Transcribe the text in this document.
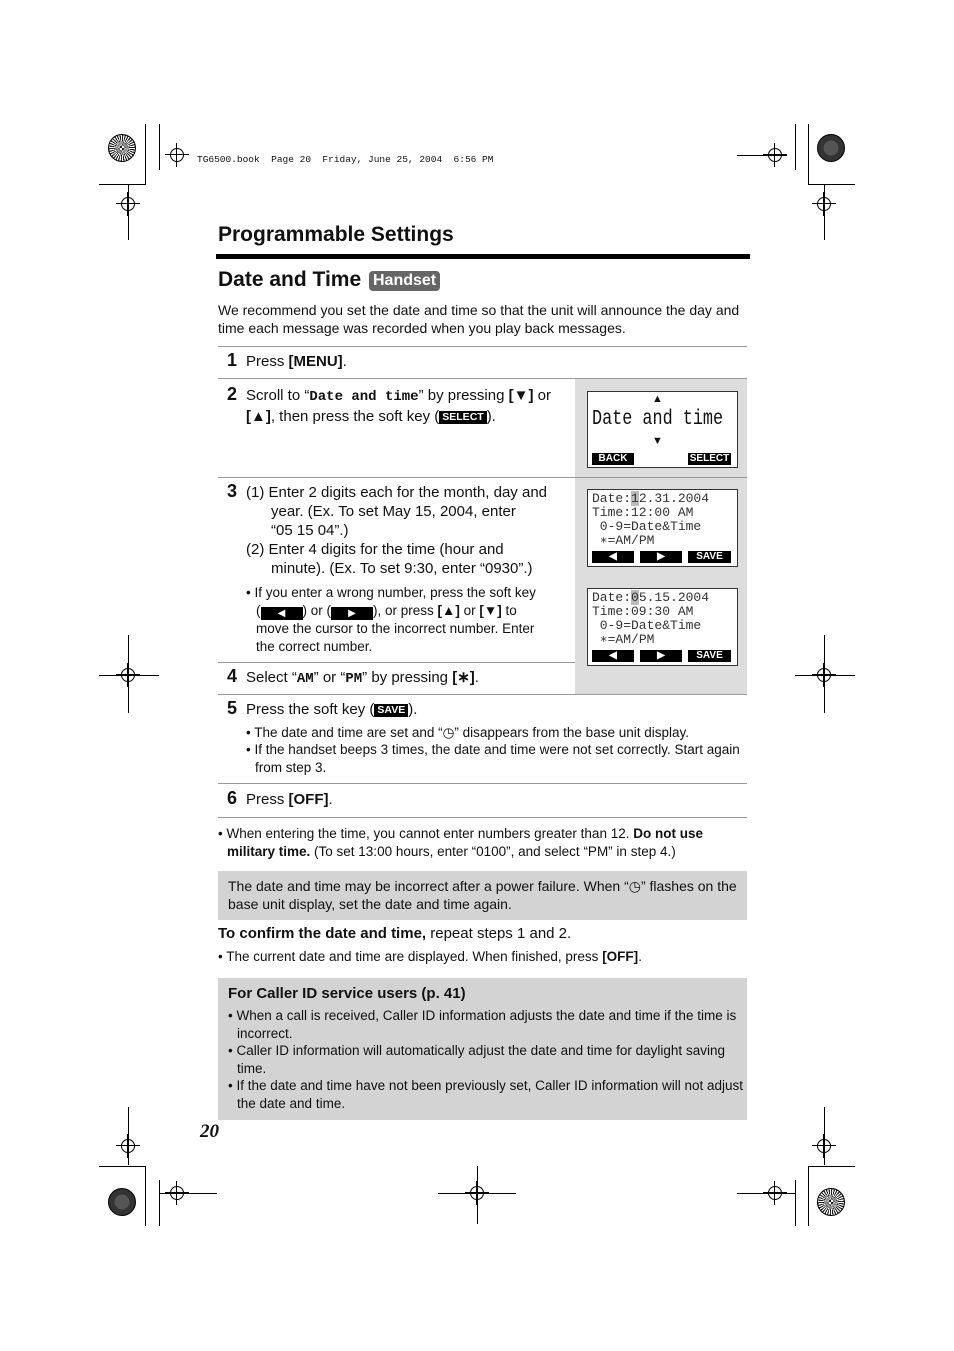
TG6500.book  Page 20  Friday, June 25, 2004  6:56 PM
Programmable Settings
Date and Time Handset
We recommend you set the date and time so that the unit will announce the day and time each message was recorded when you play back messages.
1 Press [MENU].
2 Scroll to “Date and time” by pressing [▼] or [▲], then press the soft key ( SELECT ).
3 (1) Enter 2 digits each for the month, day and
year. (Ex. To set May 15, 2004, enter
“05 15 04”.)
(2) Enter 4 digits for the time (hour and
minute). (Ex. To set 9:30, enter “0930”.)
• If you enter a wrong number, press the soft key
( ◀ ) or ( ▶ ), or press [▲] or [▼] to
move the cursor to the incorrect number. Enter
the correct number.
4 Select “AM” or “PM” by pressing [∗].
5 Press the soft key ( SAVE ).
• The date and time are set and “◷” disappears from the base unit display.
• If the handset beeps 3 times, the date and time were not set correctly. Start again from step 3.
6 Press [OFF].
▲
Date and time
▼
BACK	SELECT
Date:12.31.2004
Time:12:00 AM
0-9=Date&Time
∗=AM/PM
◀	▶	SAVE
Date:05.15.2004
Time:09:30 AM
0-9=Date&Time
∗=AM/PM
◀	▶	SAVE
• When entering the time, you cannot enter numbers greater than 12. Do not use military time. (To set 13:00 hours, enter “0100”, and select “PM” in step 4.)
The date and time may be incorrect after a power failure. When “◷” flashes on the base unit display, set the date and time again.
To confirm the date and time, repeat steps 1 and 2.
• The current date and time are displayed. When finished, press [OFF].
For Caller ID service users (p. 41)
• When a call is received, Caller ID information adjusts the date and time if the time is incorrect.
• Caller ID information will automatically adjust the date and time for daylight saving time.
• If the date and time have not been previously set, Caller ID information will not adjust the date and time.
20
